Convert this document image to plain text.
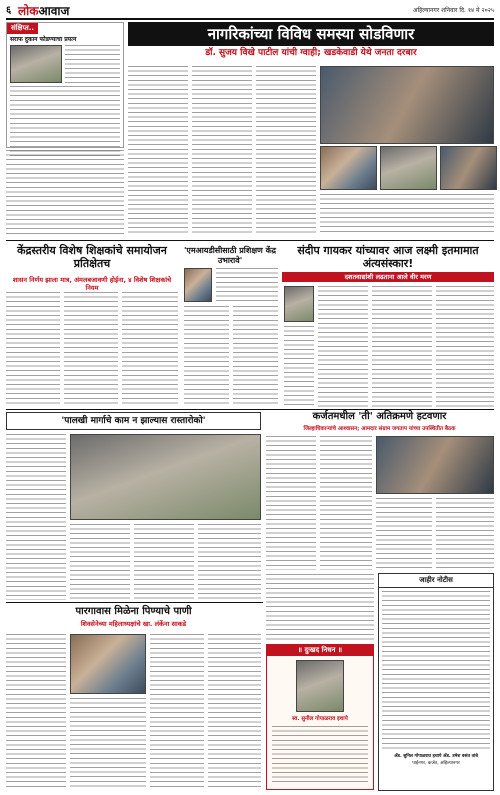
६ लोकआवाज	अहिल्यानगर शनिवार दि. १४ मे २०२५
संक्षिप्त..
सराफ दुकान फोडण्याचा प्रयत्न	नागरिकांच्या विविध समस्या सोडविणार
डॉ. सुजय विखे पाटील यांची ग्वाही; खडकेवाडी येथे जनता दरबार
केंद्रस्तरीय विशेष शिक्षकांचे समायोजन प्रतिक्षेतच
शासन निर्णय झाला मात्र, अंमलबजावणी होईना, ४ विशेष शिक्षकांचे नियम
'एमआयडीसीसाठी प्रशिक्षण केंद्र उभारावे'
संदीप गायकर यांच्यावर आज लक्ष्मी इतमामात अंत्यसंस्कार!
दशतवाद्यांशी लढताना आले वीर मरण
'पालखी मार्गाचे काम न झाल्यास रास्तारोको'	कर्जतमधील 'ती' अतिक्रमणे हटवणार
जिल्हाधिकाऱ्यांचे आश्वासन; आमदार संग्राम जगताप यांच्या उपस्थितीत बैठक
पारगावास मिळेना पिण्याचे पाणी
शिवसेनेच्या महिलाध्यक्षांचे खा. लंकेंना साकडे
॥ दुःखद निधन ॥
स्व. सुनील गोपाळराव इथापे
जाहीर नोटीस
ॲड. सुनिल गोपाळराव हथापे ॲड. उमेश वसंत तांबे
पाईनगर, कर्जत, अहिल्यानगर
